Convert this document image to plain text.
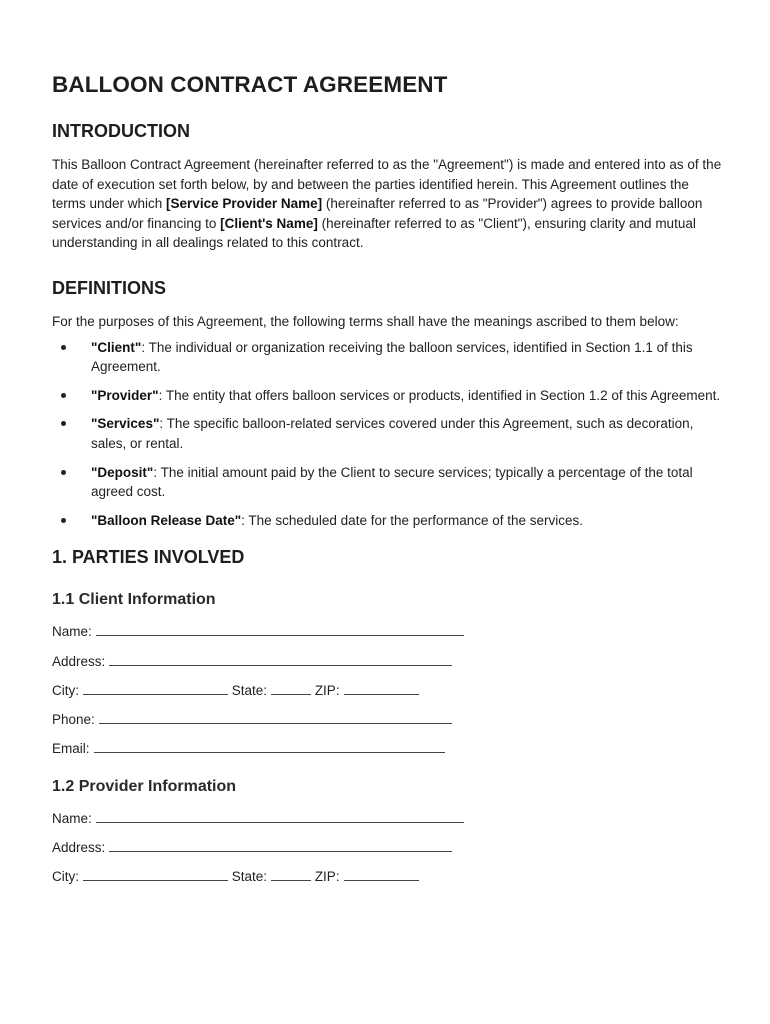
BALLOON CONTRACT AGREEMENT
INTRODUCTION

This Balloon Contract Agreement (hereinafter referred to as the "Agreement") is made and entered into as of the date of execution set forth below, by and between the parties identified herein. This Agreement outlines the terms under which [Service Provider Name] (hereinafter referred to as "Provider") agrees to provide balloon services and/or financing to [Client's Name] (hereinafter referred to as "Client"), ensuring clarity and mutual understanding in all dealings related to this contract.

DEFINITIONS

For the purposes of this Agreement, the following terms shall have the meanings ascribed to them below:

"Client": The individual or organization receiving the balloon services, identified in Section 1.1 of this Agreement.
"Provider": The entity that offers balloon services or products, identified in Section 1.2 of this Agreement.
"Services": The specific balloon-related services covered under this Agreement, such as decoration, sales, or rental.
"Deposit": The initial amount paid by the Client to secure services; typically a percentage of the total agreed cost.
"Balloon Release Date": The scheduled date for the performance of the services.
1. PARTIES INVOLVED
1.1 Client Information
Name:
Address:
City:	State:	ZIP:
Phone:
Email:
1.2 Provider Information
Name:
Address:
City:	State:	ZIP:
